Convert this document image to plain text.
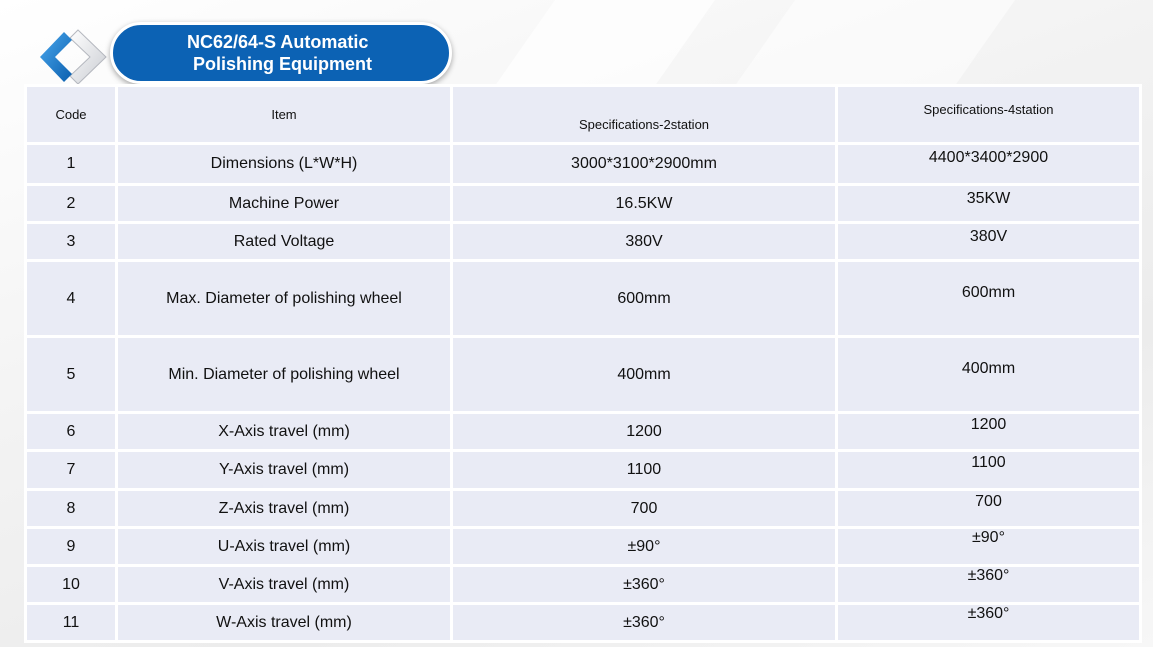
NC62/64-S Automatic
Polishing Equipment
Code	Item	Specifications-2station	Specifications-4station
1	Dimensions (L*W*H)	3000*3100*2900mm	4400*3400*2900

2	Machine Power	16.5KW	35KW

3	Rated Voltage	380V	380V

4	Max. Diameter of polishing wheel	600mm	600mm

5	Min. Diameter of polishing wheel	400mm	400mm

6	X-Axis travel (mm)	1200	1200

7	Y-Axis travel (mm)	1100	1100

8	Z-Axis travel (mm)	700	700

9	U-Axis travel (mm)	±90°	±90°

10	V-Axis travel (mm)	±360°	±360°

11	W-Axis travel (mm)	±360°	±360°
